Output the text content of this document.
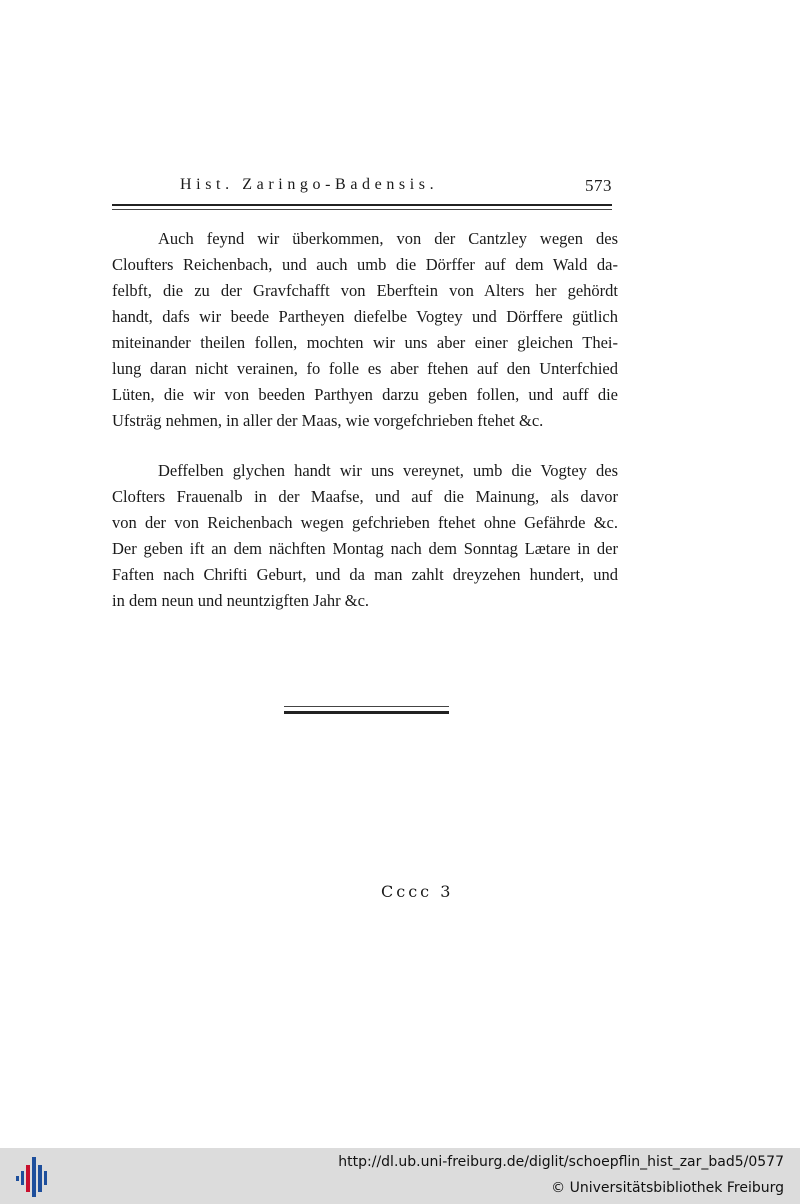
Hist. Zaringo-Badensis.	573
Auch feynd wir überkommen, von der Cantzley wegen des
Cloufters Reichenbach, und auch umb die Dörffer auf dem Wald da-
felbft, die zu der Gravfchafft von Eberftein von Alters her gehördt
handt, dafs wir beede Partheyen diefelbe Vogtey und Dörffere gütlich
miteinander theilen follen, mochten wir uns aber einer gleichen Thei-
lung daran nicht verainen, fo folle es aber ftehen auf den Unterfchied
Lüten, die wir von beeden Parthyen darzu geben follen, und auff die
Ufsträg nehmen, in aller der Maas, wie vorgefchrieben ftehet &c.
Deffelben glychen handt wir uns vereynet, umb die Vogtey des
Clofters Frauenalb in der Maafse, und auf die Mainung, als davor
von der von Reichenbach wegen gefchrieben ftehet ohne Gefährde &c.
Der geben ift an dem nächften Montag nach dem Sonntag Lætare in der
Faften nach Chrifti Geburt, und da man zahlt dreyzehen hundert, und
in dem neun und neuntzigften Jahr &c.
Cccc 3
http://dl.ub.uni-freiburg.de/diglit/schoepflin_hist_zar_bad5/0577
© Universitätsbibliothek Freiburg
